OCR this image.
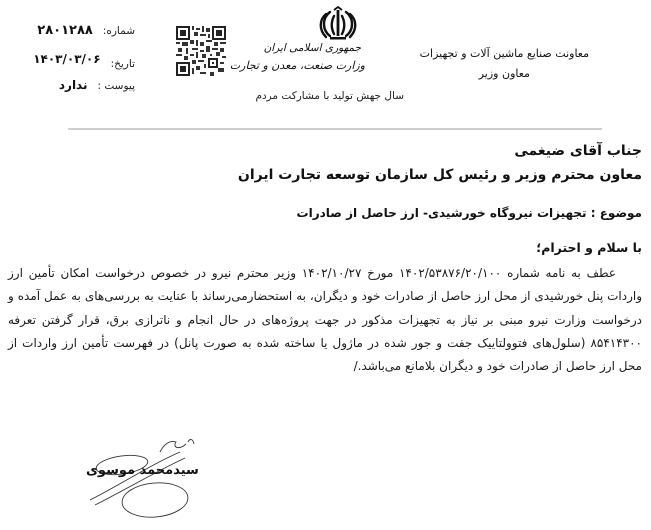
شماره:
۲۸۰۱۲۸۸
تاریخ:
۱۴۰۳/۰۳/۰۶
پیوست :
ندارد
جمهوری اسلامی ایران
وزارت صنعت، معدن و تجارت
سال جهش تولید با مشارکت مردم
معاونت صنایع ماشین آلات و تجهیزات
معاون وزیر
جناب آقای ضیغمی
معاون محترم وزیر و رئیس کل سازمان توسعه تجارت ایران
موضوع : تجهیزات نیروگاه خورشیدی- ارز حاصل از صادرات
با سلام و احترام؛

عطف به نامه شماره ۱۴۰۲/۵۳۸۷۶/۲۰/۱۰۰ مورخ ۱۴۰۲/۱۰/۲۷ وزیر محترم نیرو در خصوص درخواست امکان تأمین ارز واردات پنل خورشیدی از محل ارز حاصل از صادرات خود و دیگران، به استحضارمی‌رساند با عنایت به بررسی‌های به عمل آمده و درخواست وزارت نیرو مبنی بر نیاز به تجهیزات مذکور در جهت پروژه‌های در حال انجام و ناترازی برق، قرار گرفتن تعرفه ۸۵۴۱۴۳۰۰ (سلول‌های فتوولتاییک جفت و جور شده در ماژول یا ساخته شده به صورت پانل) در فهرست تأمین ارز واردات از محل ارز حاصل از صادرات خود و دیگران بلامانع می‌باشد./

سیدمحمد موسوی
